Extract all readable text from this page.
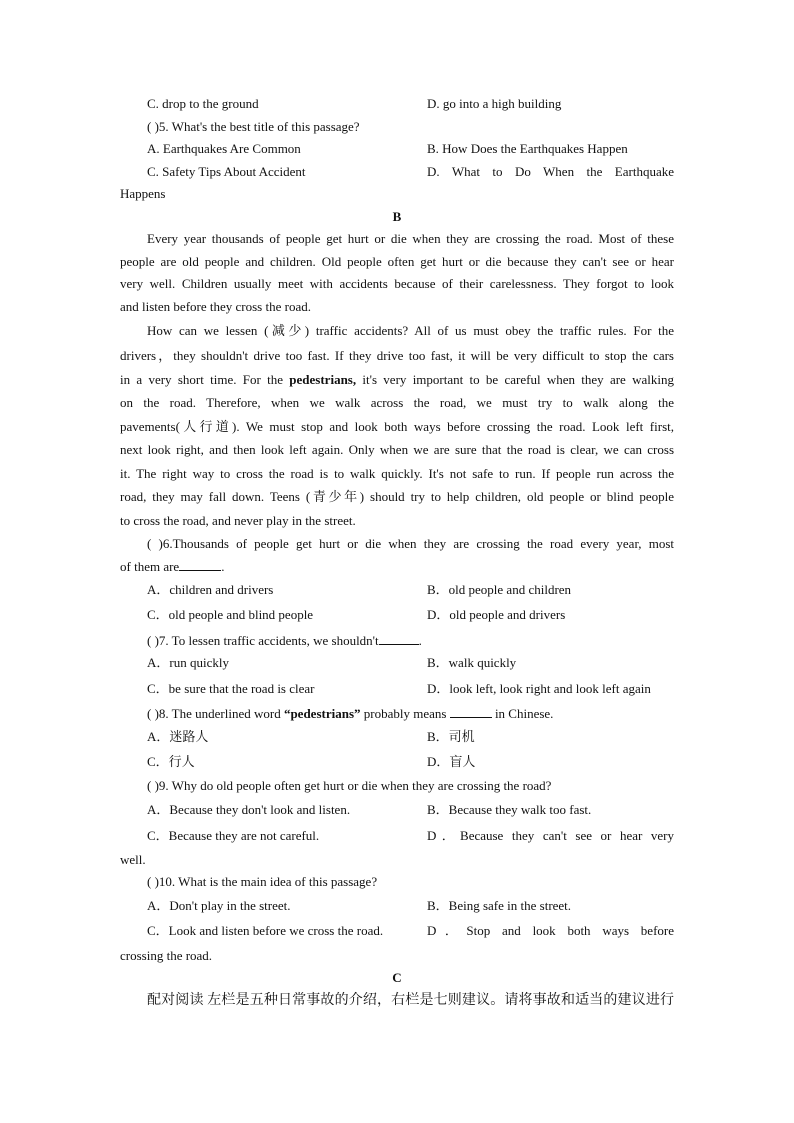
C. drop to the ground	D. go into a high building
( )5. What's the best title of this passage?
A. Earthquakes Are Common	B. How Does the Earthquakes Happen
C. Safety Tips About Accident	D. What to Do When the Earthquake
Happens
B
Every year thousands of people get hurt or die when they are crossing the road. Most of these
people are old people and children. Old people often get hurt or die because they can't see or hear
very well. Children usually meet with accidents because of their carelessness. They forgot to look
and listen before they cross the road.
How can we lessen (减少) traffic accidents? All of us must obey the traffic rules. For the
drivers，they shouldn't drive too fast. If they drive too fast, it will be very difficult to stop the cars
in a very short time. For the pedestrians, it's very important to be careful when they are walking
on the road. Therefore, when we walk across the road, we must try to walk along the
pavements(人行道). We must stop and look both ways before crossing the road. Look left first,
next look right, and then look left again. Only when we are sure that the road is clear, we can cross
it. The right way to cross the road is to walk quickly. It's not safe to run. If people run across the
road, they may fall down. Teens (青少年) should try to help children, old people or blind people
to cross the road, and never play in the street.
( )6.Thousands of people get hurt or die when they are crossing the road every year, most
of them are	.
A．children and drivers	B．old people and children
C．old people and blind people	D．old people and drivers
( )7. To lessen traffic accidents, we shouldn't	.
A．run quickly	B．walk quickly
C．be sure that the road is clear	D．look left, look right and look left again
( )8. The underlined word “pedestrians” probably means	in Chinese.
A．迷路人	B．司机
C．行人	D．盲人
( )9. Why do old people often get hurt or die when they are crossing the road?
A．Because they don't look and listen.	B．Because they walk too fast.
C．Because they are not careful.	D．Because they can't see or hear very
well.
( )10. What is the main idea of this passage?
A．Don't play in the street.	B．Being safe in the street.
C．Look and listen before we cross the road.	D．Stop and look both ways before
crossing the road.
C
配对阅读 左栏是五种日常事故的介绍，右栏是七则建议。请将事故和适当的建议进行
